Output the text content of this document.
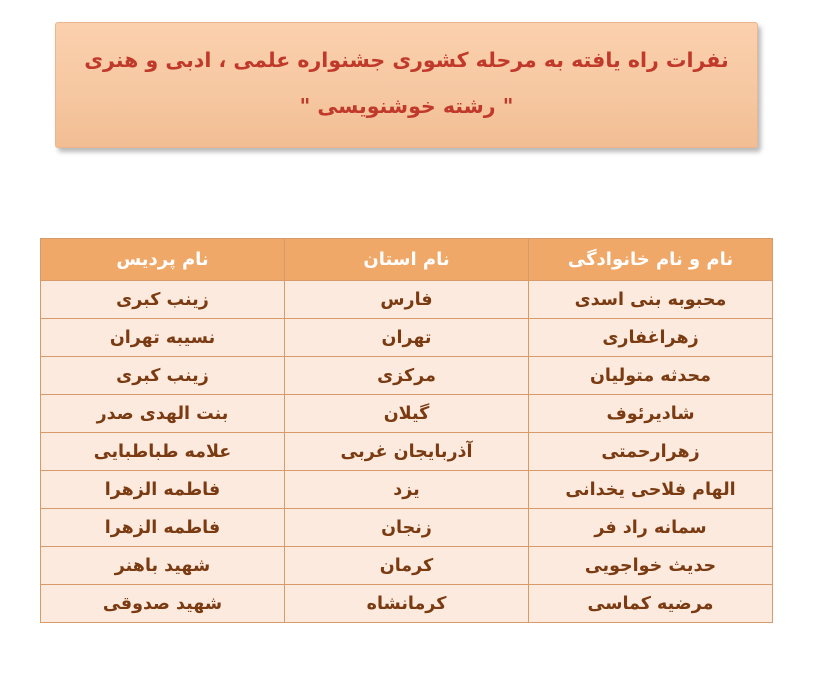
نفرات راه یافته به مرحله کشوری جشنواره علمی ، ادبی و هنری
" رشته خوشنویسی "
نام و نام خانوادگی	نام استان	نام پردیس
محبوبه بنی اسدی	فارس	زینب کبری
زهراغفاری	تهران	نسیبه تهران
محدثه متولیان	مرکزی	زینب کبری
شادیرئوف	گیلان	بنت الهدی صدر
زهرارحمتی	آذربایجان غربی	علامه طباطبایی
الهام فلاحی یخدانی	یزد	فاطمه الزهرا
سمانه راد فر	زنجان	فاطمه الزهرا
حدیث خواجویی	کرمان	شهید باهنر
مرضیه کماسی	کرمانشاه	شهید صدوقی
